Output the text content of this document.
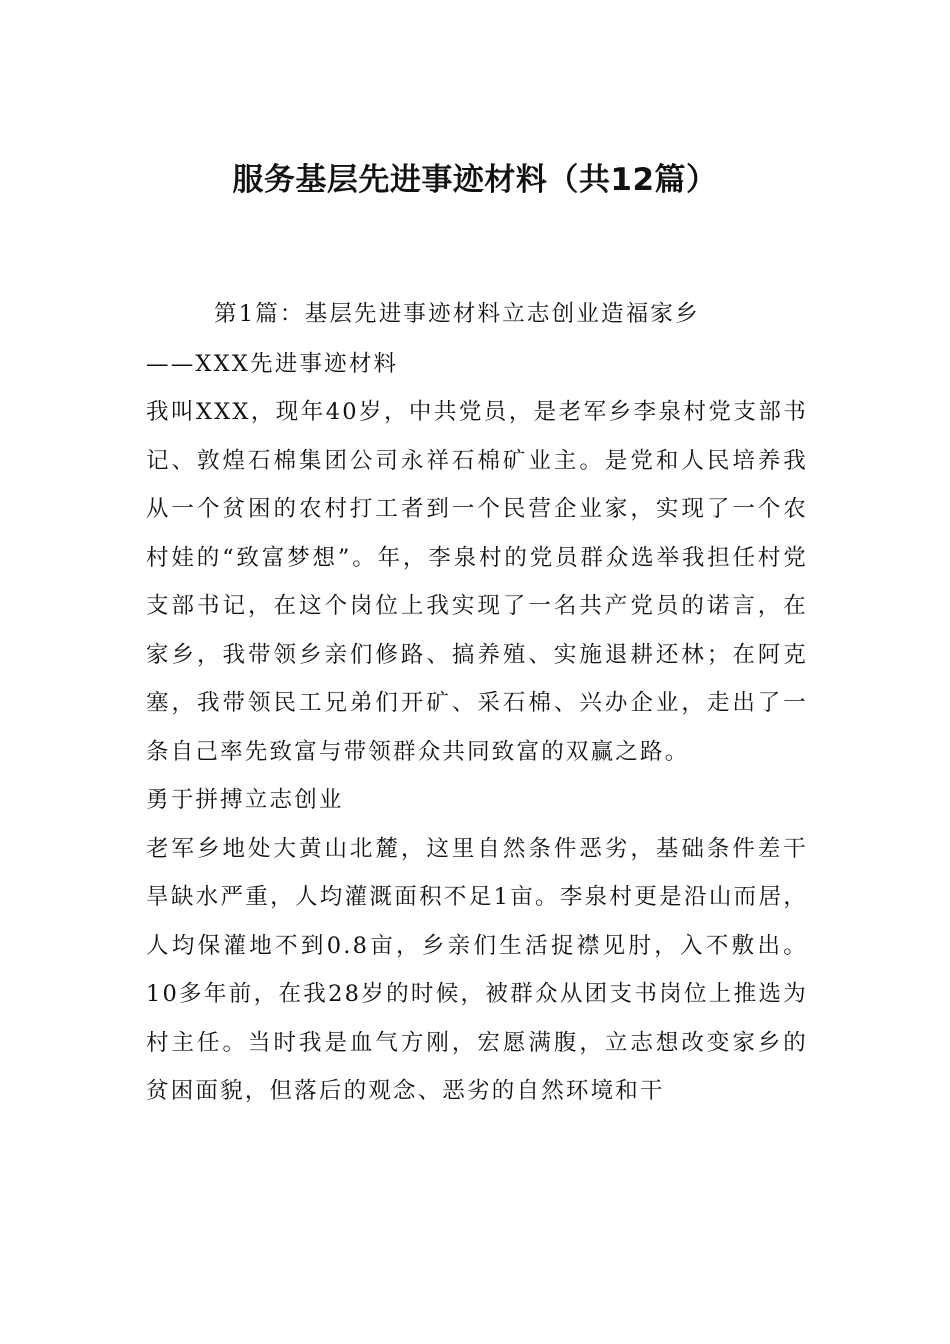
服务基层先进事迹材料（共12篇）

第1篇：基层先进事迹材料立志创业造福家乡

——XXX先进事迹材料

我叫XXX，现年40岁，中共党员，是老军乡李泉村党支部书记、敦煌石棉集团公司永祥石棉矿业主。是党和人民培养我从一个贫困的农村打工者到一个民营企业家，实现了一个农村娃的“致富梦想”。年，李泉村的党员群众选举我担任村党支部书记，在这个岗位上我实现了一名共产党员的诺言，在家乡，我带领乡亲们修路、搞养殖、实施退耕还林；在阿克塞，我带领民工兄弟们开矿、采石棉、兴办企业，走出了一条自己率先致富与带领群众共同致富的双赢之路。

勇于拼搏立志创业

老军乡地处大黄山北麓，这里自然条件恶劣，基础条件差干旱缺水严重，人均灌溉面积不足1亩。李泉村更是沿山而居，人均保灌地不到0.8亩，乡亲们生活捉襟见肘，入不敷出。10多年前，在我28岁的时候，被群众从团支书岗位上推选为村主任。当时我是血气方刚，宏愿满腹，立志想改变家乡的贫困面貌，但落后的观念、恶劣的自然环境和干
